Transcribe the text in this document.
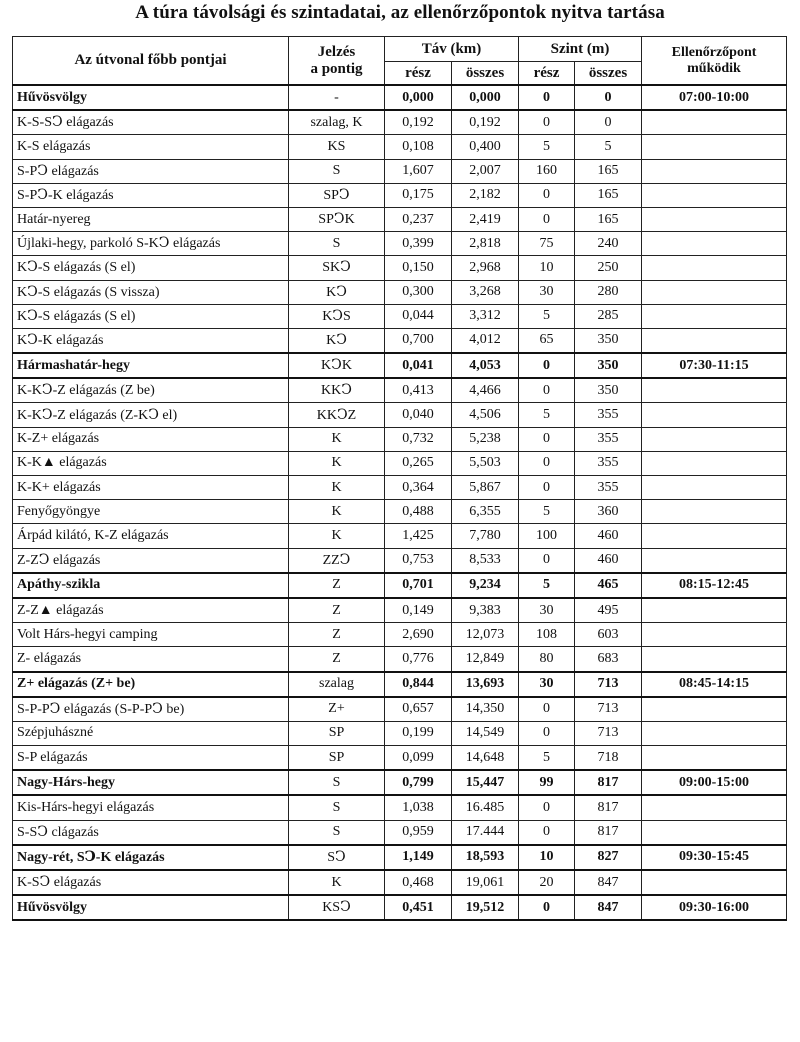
A túra távolsági és szintadatai, az ellenőrzőpontok nyitva tartása
Az útvonal főbb pontjai	Jelzés
a pontig	Táv (km)		Szint (m)		Ellenőrzőpont
működik
		rész	összes	rész	összes	
Hűvösvölgy	-	0,000	0,000	0	0	07:00-10:00
K-S-SↃ elágazás	szalag, K	0,192	0,192	0	0	
K-S elágazás	KS	0,108	0,400	5	5	
S-PↃ elágazás	S	1,607	2,007	160	165	
S-PↃ-K elágazás	SPↃ	0,175	2,182	0	165	
Határ-nyereg	SPↃK	0,237	2,419	0	165	
Újlaki-hegy, parkoló S-KↃ elágazás	S	0,399	2,818	75	240	
KↃ-S elágazás (S el)	SKↃ	0,150	2,968	10	250	
KↃ-S elágazás (S vissza)	KↃ	0,300	3,268	30	280	
KↃ-S elágazás (S el)	KↃS	0,044	3,312	5	285	
KↃ-K elágazás	KↃ	0,700	4,012	65	350	
Hármashatár-hegy	KↃK	0,041	4,053	0	350	07:30-11:15
K-KↃ-Z elágazás (Z be)	KKↃ	0,413	4,466	0	350	
K-KↃ-Z elágazás (Z-KↃ el)	KKↃZ	0,040	4,506	5	355	
K-Z+ elágazás	K	0,732	5,238	0	355	
K-K▲ elágazás	K	0,265	5,503	0	355	
K-K+ elágazás	K	0,364	5,867	0	355	
Fenyőgyöngye	K	0,488	6,355	5	360	
Árpád kilátó, K-Z elágazás	K	1,425	7,780	100	460	
Z-ZↃ elágazás	ZZↃ	0,753	8,533	0	460	
Apáthy-szikla	Z	0,701	9,234	5	465	08:15-12:45
Z-Z▲ elágazás	Z	0,149	9,383	30	495	
Volt Hárs-hegyi camping	Z	2,690	12,073	108	603	
Z- elágazás	Z	0,776	12,849	80	683	
Z+ elágazás (Z+ be)	szalag	0,844	13,693	30	713	08:45-14:15
S-P-PↃ elágazás (S-P-PↃ be)	Z+	0,657	14,350	0	713	
Szépjuhászné	SP	0,199	14,549	0	713	
S-P elágazás	SP	0,099	14,648	5	718	
Nagy-Hárs-hegy	S	0,799	15,447	99	817	09:00-15:00
Kis-Hárs-hegyi elágazás	S	1,038	16.485	0	817	
S-SↃ clágazás	S	0,959	17.444	0	817	
Nagy-rét, SↃ-K elágazás	SↃ	1,149	18,593	10	827	09:30-15:45
K-SↃ elágazás	K	0,468	19,061	20	847	
Hűvösvölgy	KSↃ	0,451	19,512	0	847	09:30-16:00
